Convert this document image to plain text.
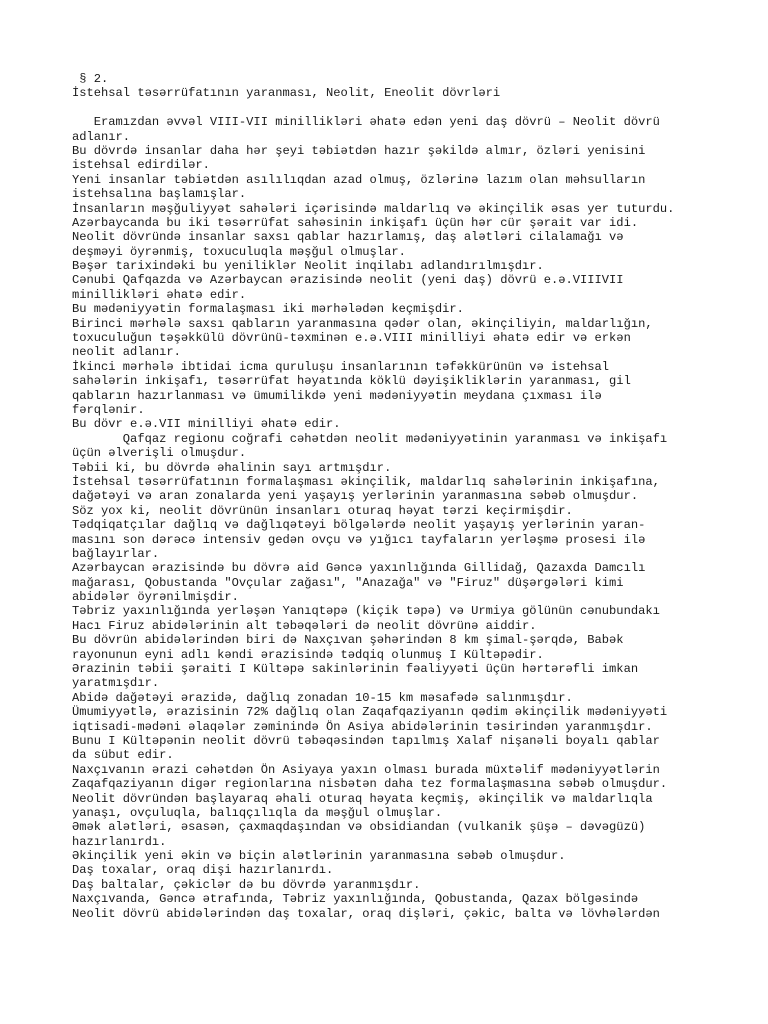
§ 2.
İstehsal təsərrüfatının yaranması, Neolit, Eneolit dövrləri
Eramızdan əvvəl VIII-VII minillikləri əhatə edən yeni daş dövrü – Neolit dövrü
adlanır.
Bu dövrdə insanlar daha hər şeyi təbiətdən hazır şəkildə almır, özləri yenisini
istehsal edirdilər.
Yeni insanlar təbiətdən asılılıqdan azad olmuş, özlərinə lazım olan məhsulların
istehsalına başlamışlar.
İnsanların məşğuliyyət sahələri içərisində maldarlıq və əkinçilik əsas yer tuturdu.
Azərbaycanda bu iki təsərrüfat sahəsinin inkişafı üçün hər cür şərait var idi.
Neolit dövründə insanlar saxsı qablar hazırlamış, daş alətləri cilalamağı və
deşməyi öyrənmiş, toxuculuqla məşğul olmuşlar.
Bəşər tarixindəki bu yeniliklər Neolit inqilabı adlandırılmışdır.
Cənubi Qafqazda və Azərbaycan ərazisində neolit (yeni daş) dövrü e.ə.VIIIVII
minillikləri əhatə edir.
Bu mədəniyyətin formalaşması iki mərhələdən keçmişdir.
Birinci mərhələ saxsı qabların yaranmasına qədər olan, əkinçiliyin, maldarlığın,
toxuculuğun təşəkkülü dövrünü-təxminən e.ə.VIII minilliyi əhatə edir və erkən
neolit adlanır.
İkinci mərhələ ibtidai icma quruluşu insanlarının təfəkkürünün və istehsal
sahələrin inkişafı, təsərrüfat həyatında köklü dəyişikliklərin yaranması, gil
qabların hazırlanması və ümumilikdə yeni mədəniyyətin meydana çıxması ilə
fərqlənir.
Bu dövr e.ə.VII minilliyi əhatə edir.
Qafqaz regionu coğrafi cəhətdən neolit mədəniyyətinin yaranması və inkişafı
üçün əlverişli olmuşdur.
Təbii ki, bu dövrdə əhalinin sayı artmışdır.
İstehsal təsərrüfatının formalaşması əkinçilik, maldarlıq sahələrinin inkişafına,
dağətəyi və aran zonalarda yeni yaşayış yerlərinin yaranmasına səbəb olmuşdur.
Söz yox ki, neolit dövrünün insanları oturaq həyat tərzi keçirmişdir.
Tədqiqatçılar dağlıq və dağlıqətəyi bölgələrdə neolit yaşayış yerlərinin yaran-
masını son dərəcə intensiv gedən ovçu və yığıcı tayfaların yerləşmə prosesi ilə
bağlayırlar.
Azərbaycan ərazisində bu dövrə aid Gəncə yaxınlığında Gillidağ, Qazaxda Damcılı
mağarası, Qobustanda "Ovçular zağası", "Anazağa" və "Firuz" düşərgələri kimi
abidələr öyrənilmişdir.
Təbriz yaxınlığında yerləşən Yanıqtəpə (kiçik təpə) və Urmiya gölünün cənubundakı
Hacı Firuz abidələrinin alt təbəqələri də neolit dövrünə aiddir.
Bu dövrün abidələrindən biri də Naxçıvan şəhərindən 8 km şimal-şərqdə, Babək
rayonunun eyni adlı kəndi ərazisində tədqiq olunmuş I Kültəpədir.
Ərazinin təbii şəraiti I Kültəpə sakinlərinin fəaliyyəti üçün hərtərəfli imkan
yaratmışdır.
Abidə dağətəyi ərazidə, dağlıq zonadan 10-15 km məsafədə salınmışdır.
Ümumiyyətlə, ərazisinin 72% dağlıq olan Zaqafqaziyanın qədim əkinçilik mədəniyyəti
iqtisadi-mədəni əlaqələr zəminində Ön Asiya abidələrinin təsirindən yaranmışdır.
Bunu I Kültəpənin neolit dövrü təbəqəsindən tapılmış Xalaf nişanəli boyalı qablar
da sübut edir.
Naxçıvanın ərazi cəhətdən Ön Asiyaya yaxın olması burada müxtəlif mədəniyyətlərin
Zaqafqaziyanın digər regionlarına nisbətən daha tez formalaşmasına səbəb olmuşdur.
Neolit dövründən başlayaraq əhali oturaq həyata keçmiş, əkinçilik və maldarlıqla
yanaşı, ovçuluqla, balıqçılıqla da məşğul olmuşlar.
Əmək alətləri, əsasən, çaxmaqdaşından və obsidiandan (vulkanik şüşə – dəvəgüzü)
hazırlanırdı.
Əkinçilik yeni əkin və biçin alətlərinin yaranmasına səbəb olmuşdur.
Daş toxalar, oraq dişi hazırlanırdı.
Daş baltalar, çəkiclər də bu dövrdə yaranmışdır.
Naxçıvanda, Gəncə ətrafında, Təbriz yaxınlığında, Qobustanda, Qazax bölgəsində
Neolit dövrü abidələrindən daş toxalar, oraq dişləri, çəkic, balta və lövhələrdən
